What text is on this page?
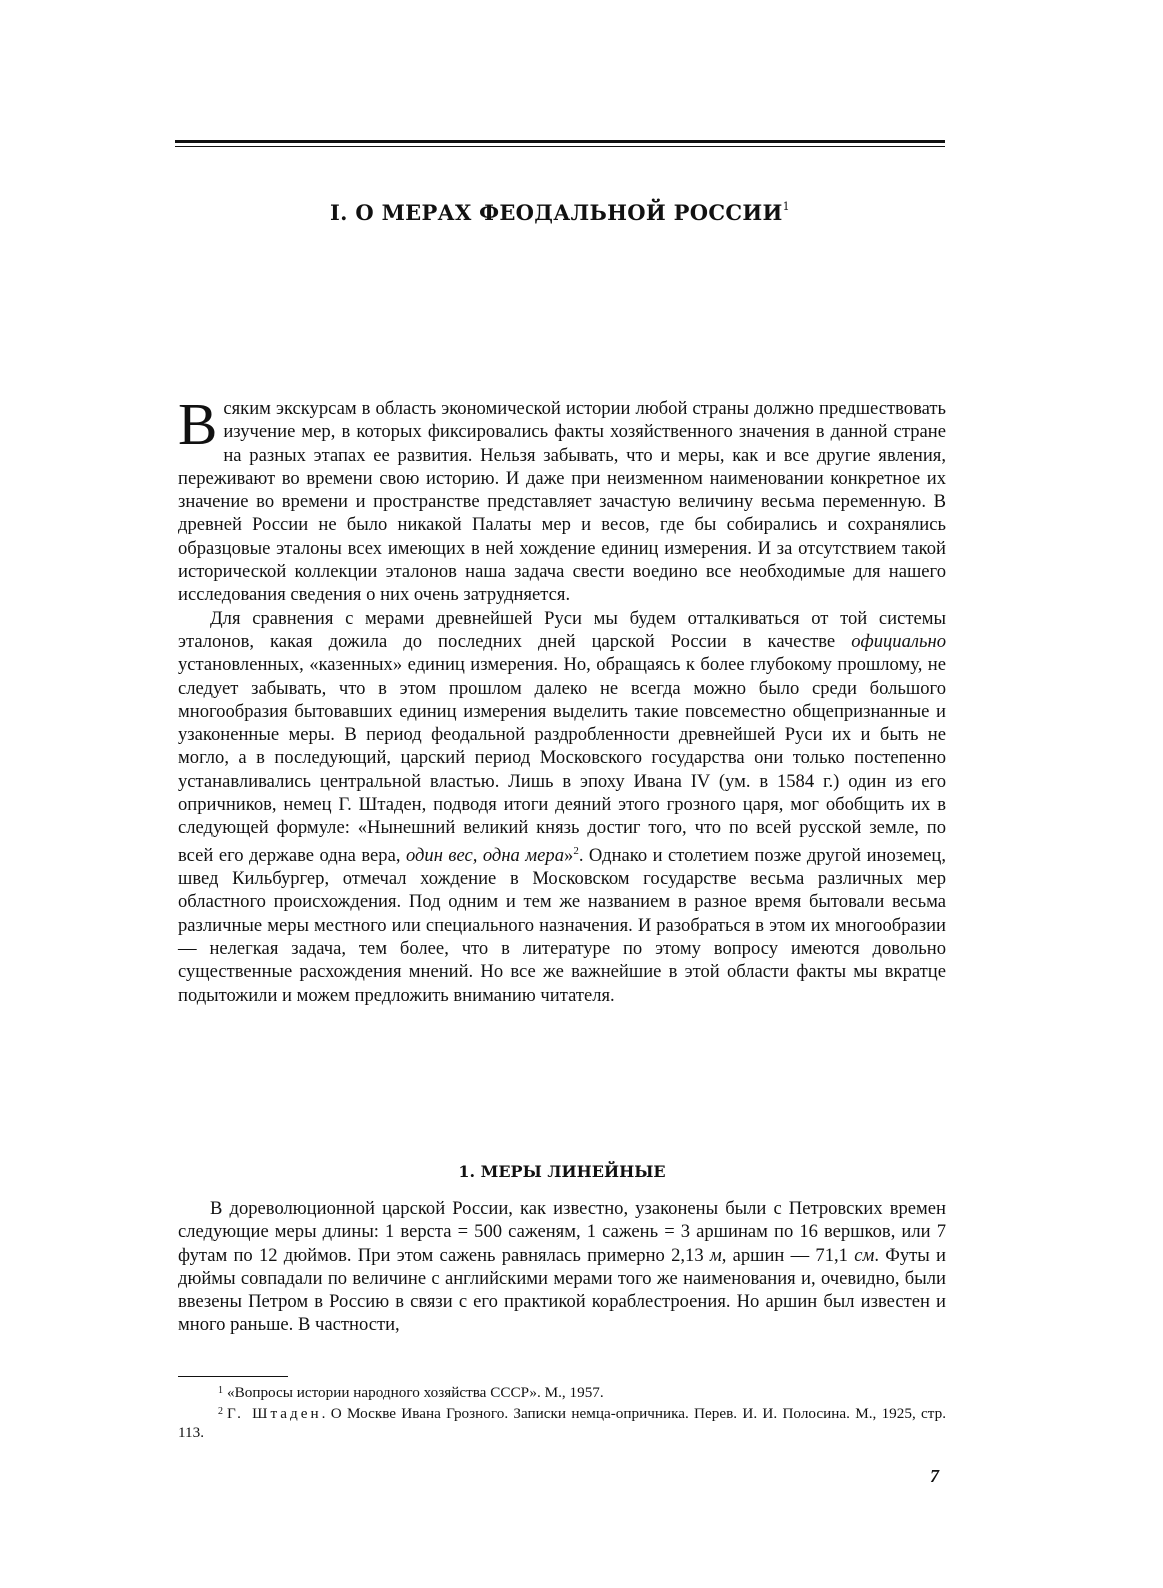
I. О МЕРАХ ФЕОДАЛЬНОЙ РОССИИ$^1$

Всяким экскурсам в область экономической истории любой страны должно предшествовать изучение мер, в которых фиксировались факты хозяйственного значения в данной стране на разных этапах ее развития. Нельзя забывать, что и меры, как и все другие явления, переживают во времени свою историю. И даже при неизменном наименовании конкретное их значение во времени и пространстве представляет зачастую величину весьма переменную. В древней России не было никакой Палаты мер и весов, где бы собирались и сохранялись образцовые эталоны всех имеющих в ней хождение единиц измерения. И за отсутствием такой исторической коллекции эталонов наша задача свести воедино все необходимые для нашего исследования сведения о них очень затрудняется.

Для сравнения с мерами древнейшей Руси мы будем отталкиваться от той системы эталонов, какая дожила до последних дней царской России в качестве официально установленных, «казенных» единиц измерения. Но, обращаясь к более глубокому прошлому, не следует забывать, что в этом прошлом далеко не всегда можно было среди большого многообразия бытовавших единиц измерения выделить такие повсеместно общепризнанные и узаконенные меры. В период феодальной раздробленности древнейшей Руси их и быть не могло, а в последующий, царский период Московского государства они только постепенно устанавливались центральной властью. Лишь в эпоху Ивана IV (ум. в 1584 г.) один из его опричников, немец Г. Штаден, подводя итоги деяний этого грозного царя, мог обобщить их в следующей формуле: «Нынешний великий князь достиг того, что по всей русской земле, по всей его державе одна вера, один вес, одна мера»$^2$. Однако и столетием позже другой иноземец, швед Кильбургер, отмечал хождение в Московском государстве весьма различных мер областного происхождения. Под одним и тем же названием в разное время бытовали весьма различные меры местного или специального назначения. И разобраться в этом их многообразии — нелегкая задача, тем более, что в литературе по этому вопросу имеются довольно существенные расхождения мнений. Но все же важнейшие в этой области факты мы вкратце подытожили и можем предложить вниманию читателя.

1. МЕРЫ ЛИНЕЙНЫЕ

В дореволюционной царской России, как известно, узаконены были с Петровских времен следующие меры длины: 1 верста = 500 саженям, 1 сажень = 3 аршинам по 16 вершков, или 7 футам по 12 дюймов. При этом сажень равнялась примерно 2,13 м, аршин — 71,1 см. Футы и дюймы совпадали по величине с английскими мерами того же наименования и, очевидно, были ввезены Петром в Россию в связи с его практикой кораблестроения. Но аршин был известен и много раньше. В частности,

$^1$ «Вопросы истории народного хозяйства СССР». М., 1957.

$^2$ Г. Штаден. О Москве Ивана Грозного. Записки немца-опричника. Перев. И. И. Полосина. М., 1925, стр. 113.

7
